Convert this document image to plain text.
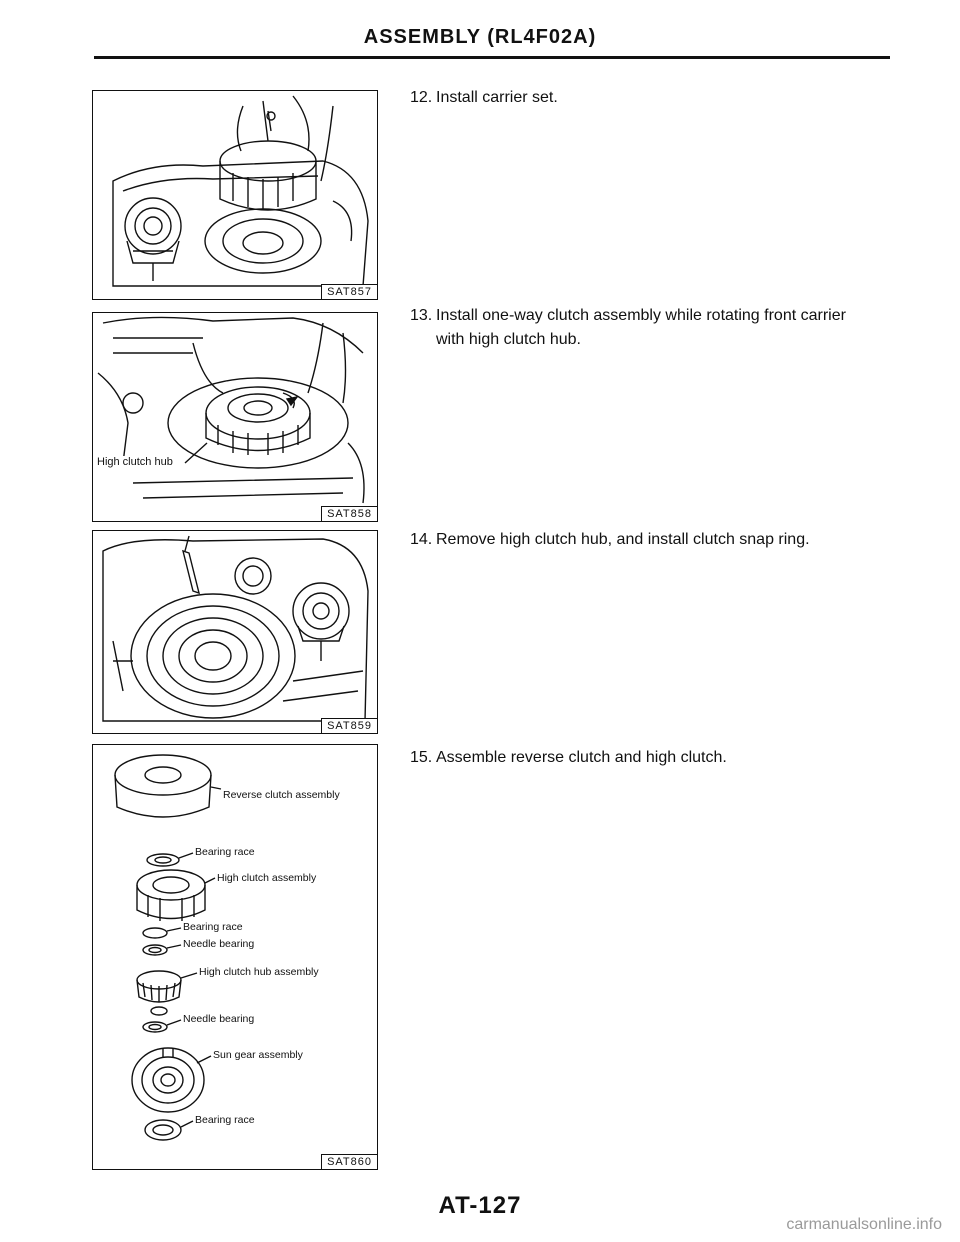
ASSEMBLY (RL4F02A)
SAT857
High clutch hub
SAT858
SAT859
Reverse clutch assembly
Bearing race
High clutch assembly
Bearing race
Needle bearing
High clutch hub assembly
Needle bearing
Sun gear assembly
Bearing race
SAT860
12. Install carrier set.
13. Install one-way clutch assembly while rotating front carrier
with high clutch hub.
14. Remove high clutch hub, and install clutch snap ring.
15. Assemble reverse clutch and high clutch.
AT-127
carmanualsonline.info
